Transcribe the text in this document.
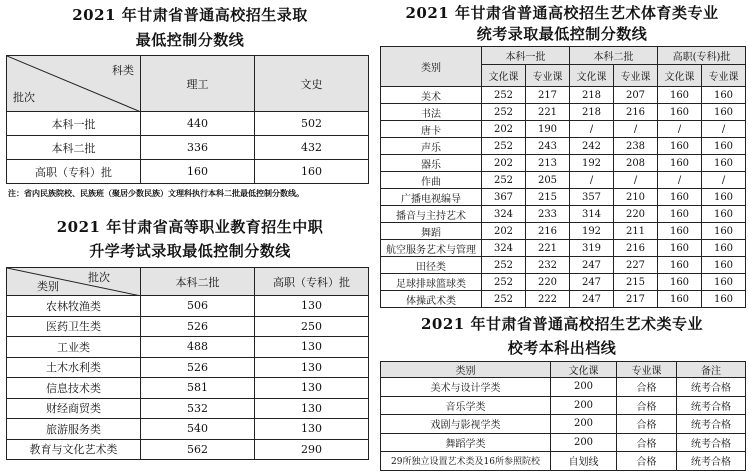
2021 年甘肃省普通高校招生录取
最低控制分数线
科类
批次	理工	文史
本科一批	440	502
本科二批	336	432
高职（专科）批	160	160
注：省内民族院校、民族班（聚居少数民族）文理科执行本科二批最低控制分数线。
2021 年甘肃省高等职业教育招生中职
升学考试录取最低控制分数线
批次
类别	本科二批	高职（专科）批
农林牧渔类	506	130
医药卫生类	526	250
工业类	488	130
土木水利类	526	130
信息技术类	581	130
财经商贸类	532	130
旅游服务类	540	130
教育与文化艺术类	562	290
2021 年甘肃省普通高校招生艺术体育类专业
统考录取最低控制分数线
类别	本科一批		本科二批		高职(专科)批	
	文化课	专业课	文化课	专业课	文化课	专业课
美术	252	217	218	207	160	160
书法	252	221	218	216	160	160
唐卡	202	190	/	/	/	/
声乐	252	243	242	238	160	160
器乐	202	213	192	208	160	160
作曲	252	205	/	/	/	/
广播电视编导	367	215	357	210	160	160
播音与主持艺术	324	233	314	220	160	160
舞蹈	202	216	192	211	160	160
航空服务艺术与管理	324	221	319	216	160	160
田径类	252	232	247	227	160	160
足球排球篮球类	252	220	247	215	160	160
体操武术类	252	222	247	217	160	160
2021 年甘肃省普通高校招生艺术类专业
校考本科出档线
类别	文化课	专业课	备注
美术与设计学类	200	合格	统考合格
音乐学类	200	合格	统考合格
戏剧与影视学类	200	合格	统考合格
舞蹈学类	200	合格	统考合格
29所独立设置艺术类及16所参照院校	自划线	合格	统考合格
